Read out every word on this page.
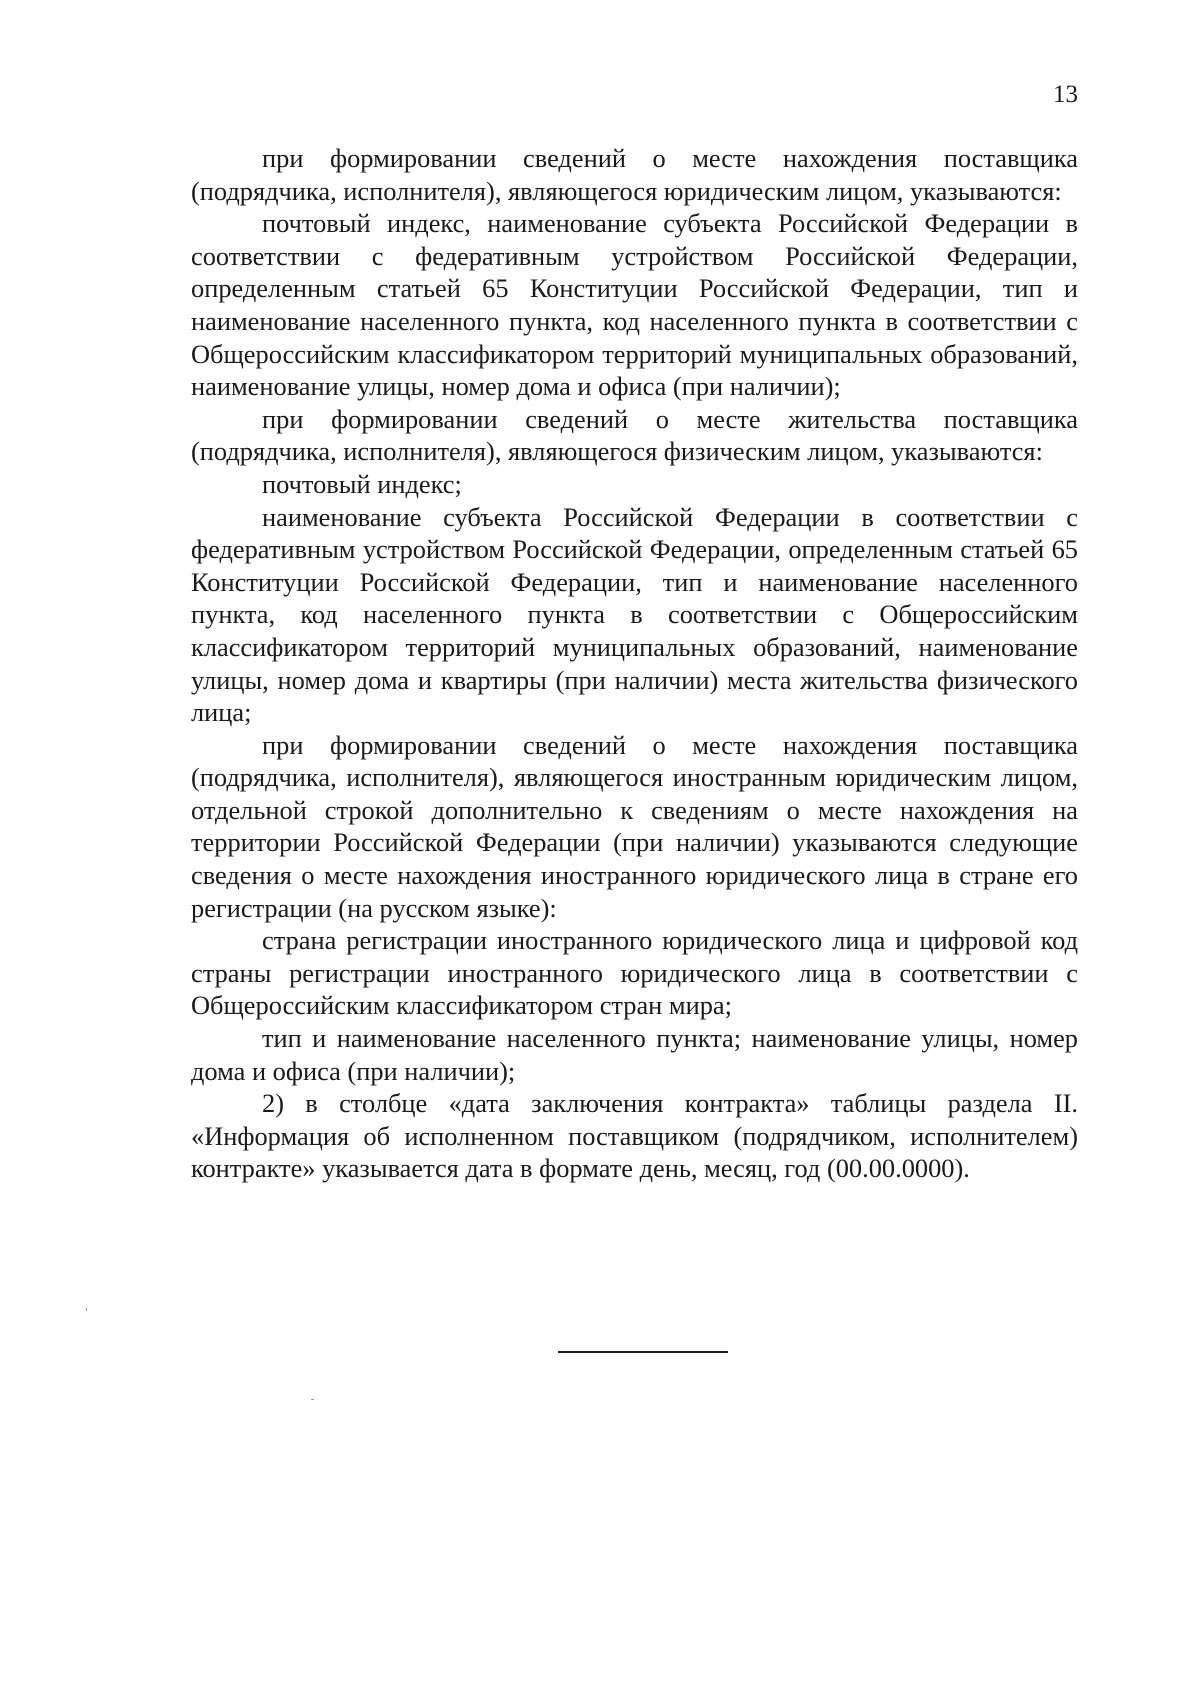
13

при формировании сведений о месте нахождения поставщика (подрядчика, исполнителя), являющегося юридическим лицом, указываются:

почтовый индекс, наименование субъекта Российской Федерации в соответствии с федеративным устройством Российской Федерации, определенным статьей 65 Конституции Российской Федерации, тип и наименование населенного пункта, код населенного пункта в соответствии с Общероссийским классификатором территорий муниципальных образований, наименование улицы, номер дома и офиса (при наличии);

при формировании сведений о месте жительства поставщика (подрядчика, исполнителя), являющегося физическим лицом, указываются:

почтовый индекс;

наименование субъекта Российской Федерации в соответствии с федеративным устройством Российской Федерации, определенным статьей 65 Конституции Российской Федерации, тип и наименование населенного пункта, код населенного пункта в соответствии с Общероссийским классификатором территорий муниципальных образований, наименование улицы, номер дома и квартиры (при наличии) места жительства физического лица;

при формировании сведений о месте нахождения поставщика (подрядчика, исполнителя), являющегося иностранным юридическим лицом, отдельной строкой дополнительно к сведениям о месте нахождения на территории Российской Федерации (при наличии) указываются следующие сведения о месте нахождения иностранного юридического лица в стране его регистрации (на русском языке):

страна регистрации иностранного юридического лица и цифровой код страны регистрации иностранного юридического лица в соответствии с Общероссийским классификатором стран мира;

тип и наименование населенного пункта; наименование улицы, номер дома и офиса (при наличии);

2) в столбце «дата заключения контракта» таблицы раздела II. «Информация об исполненном поставщиком (подрядчиком, исполнителем) контракте» указывается дата в формате день, месяц, год (00.00.0000).
